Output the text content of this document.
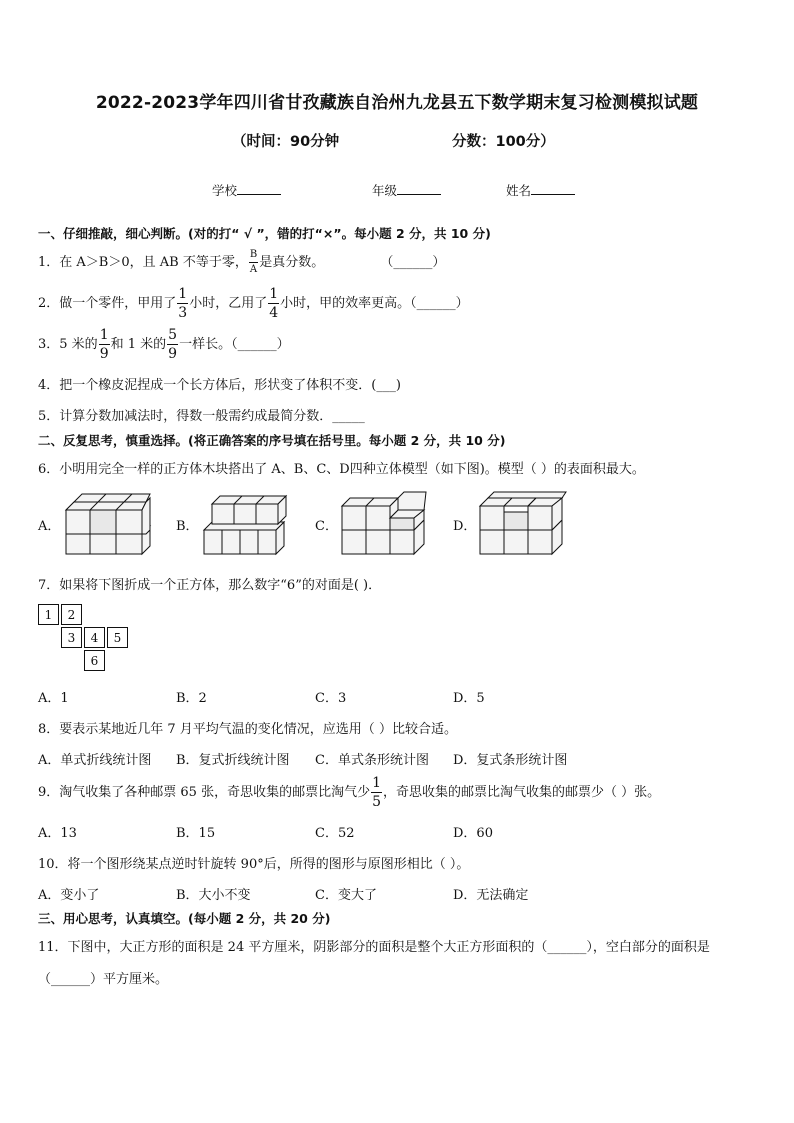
2022-2023学年四川省甘孜藏族自治州九龙县五下数学期末复习检测模拟试题
（时间：90分钟	分数：100分）
学校	年级	姓名
一、仔细推敲，细心判断。(对的打“ √ ”，错的打“×”。每小题 2 分，共 10 分)
1．在 A＞B＞0，且 AB 不等于零， $\frac{B}{A}$ 是真分数。	（______）
2．做一个零件，甲用了 $\frac{1}{3}$ 小时，乙用了 $\frac{1}{4}$ 小时，甲的效率更高。（______）
3．5 米的 $\frac{1}{9}$ 和 1 米的 $\frac{5}{9}$ 一样长。（______）
4．把一个橡皮泥捏成一个长方体后，形状变了体积不变．(___)
5．计算分数加减法时，得数一般需约成最简分数．_____
二、反复思考，慎重选择。(将正确答案的序号填在括号里。每小题 2 分，共 10 分)
6．小明用完全一样的正方体木块搭出了 A、B、C、D四种立体模型（如下图)。模型（ ）的表面积最大。
A．	B．	C．	D．
7．如果将下图折成一个正方体，那么数字“6”的对面是( )．
1	2
3	4	5
6
A．1	B．2	C．3	D．5
8．要表示某地近几年 7 月平均气温的变化情况，应选用（ ）比较合适。
A．单式折线统计图 B．复式折线统计图 C．单式条形统计图 D．复式条形统计图
9．淘气收集了各种邮票 65 张，奇思收集的邮票比淘气少 $\frac{1}{5}$ ，奇思收集的邮票比淘气收集的邮票少（ ）张。
A．13	B．15	C．52	D．60
10．将一个图形绕某点逆时针旋转 90°后，所得的图形与原图形相比（ ）。
A．变小了	B．大小不变	C．变大了	D．无法确定
三、用心思考，认真填空。(每小题 2 分，共 20 分)
11．下图中，大正方形的面积是 24 平方厘米，阴影部分的面积是整个大正方形面积的（______），空白部分的面积是
（______）平方厘米。
